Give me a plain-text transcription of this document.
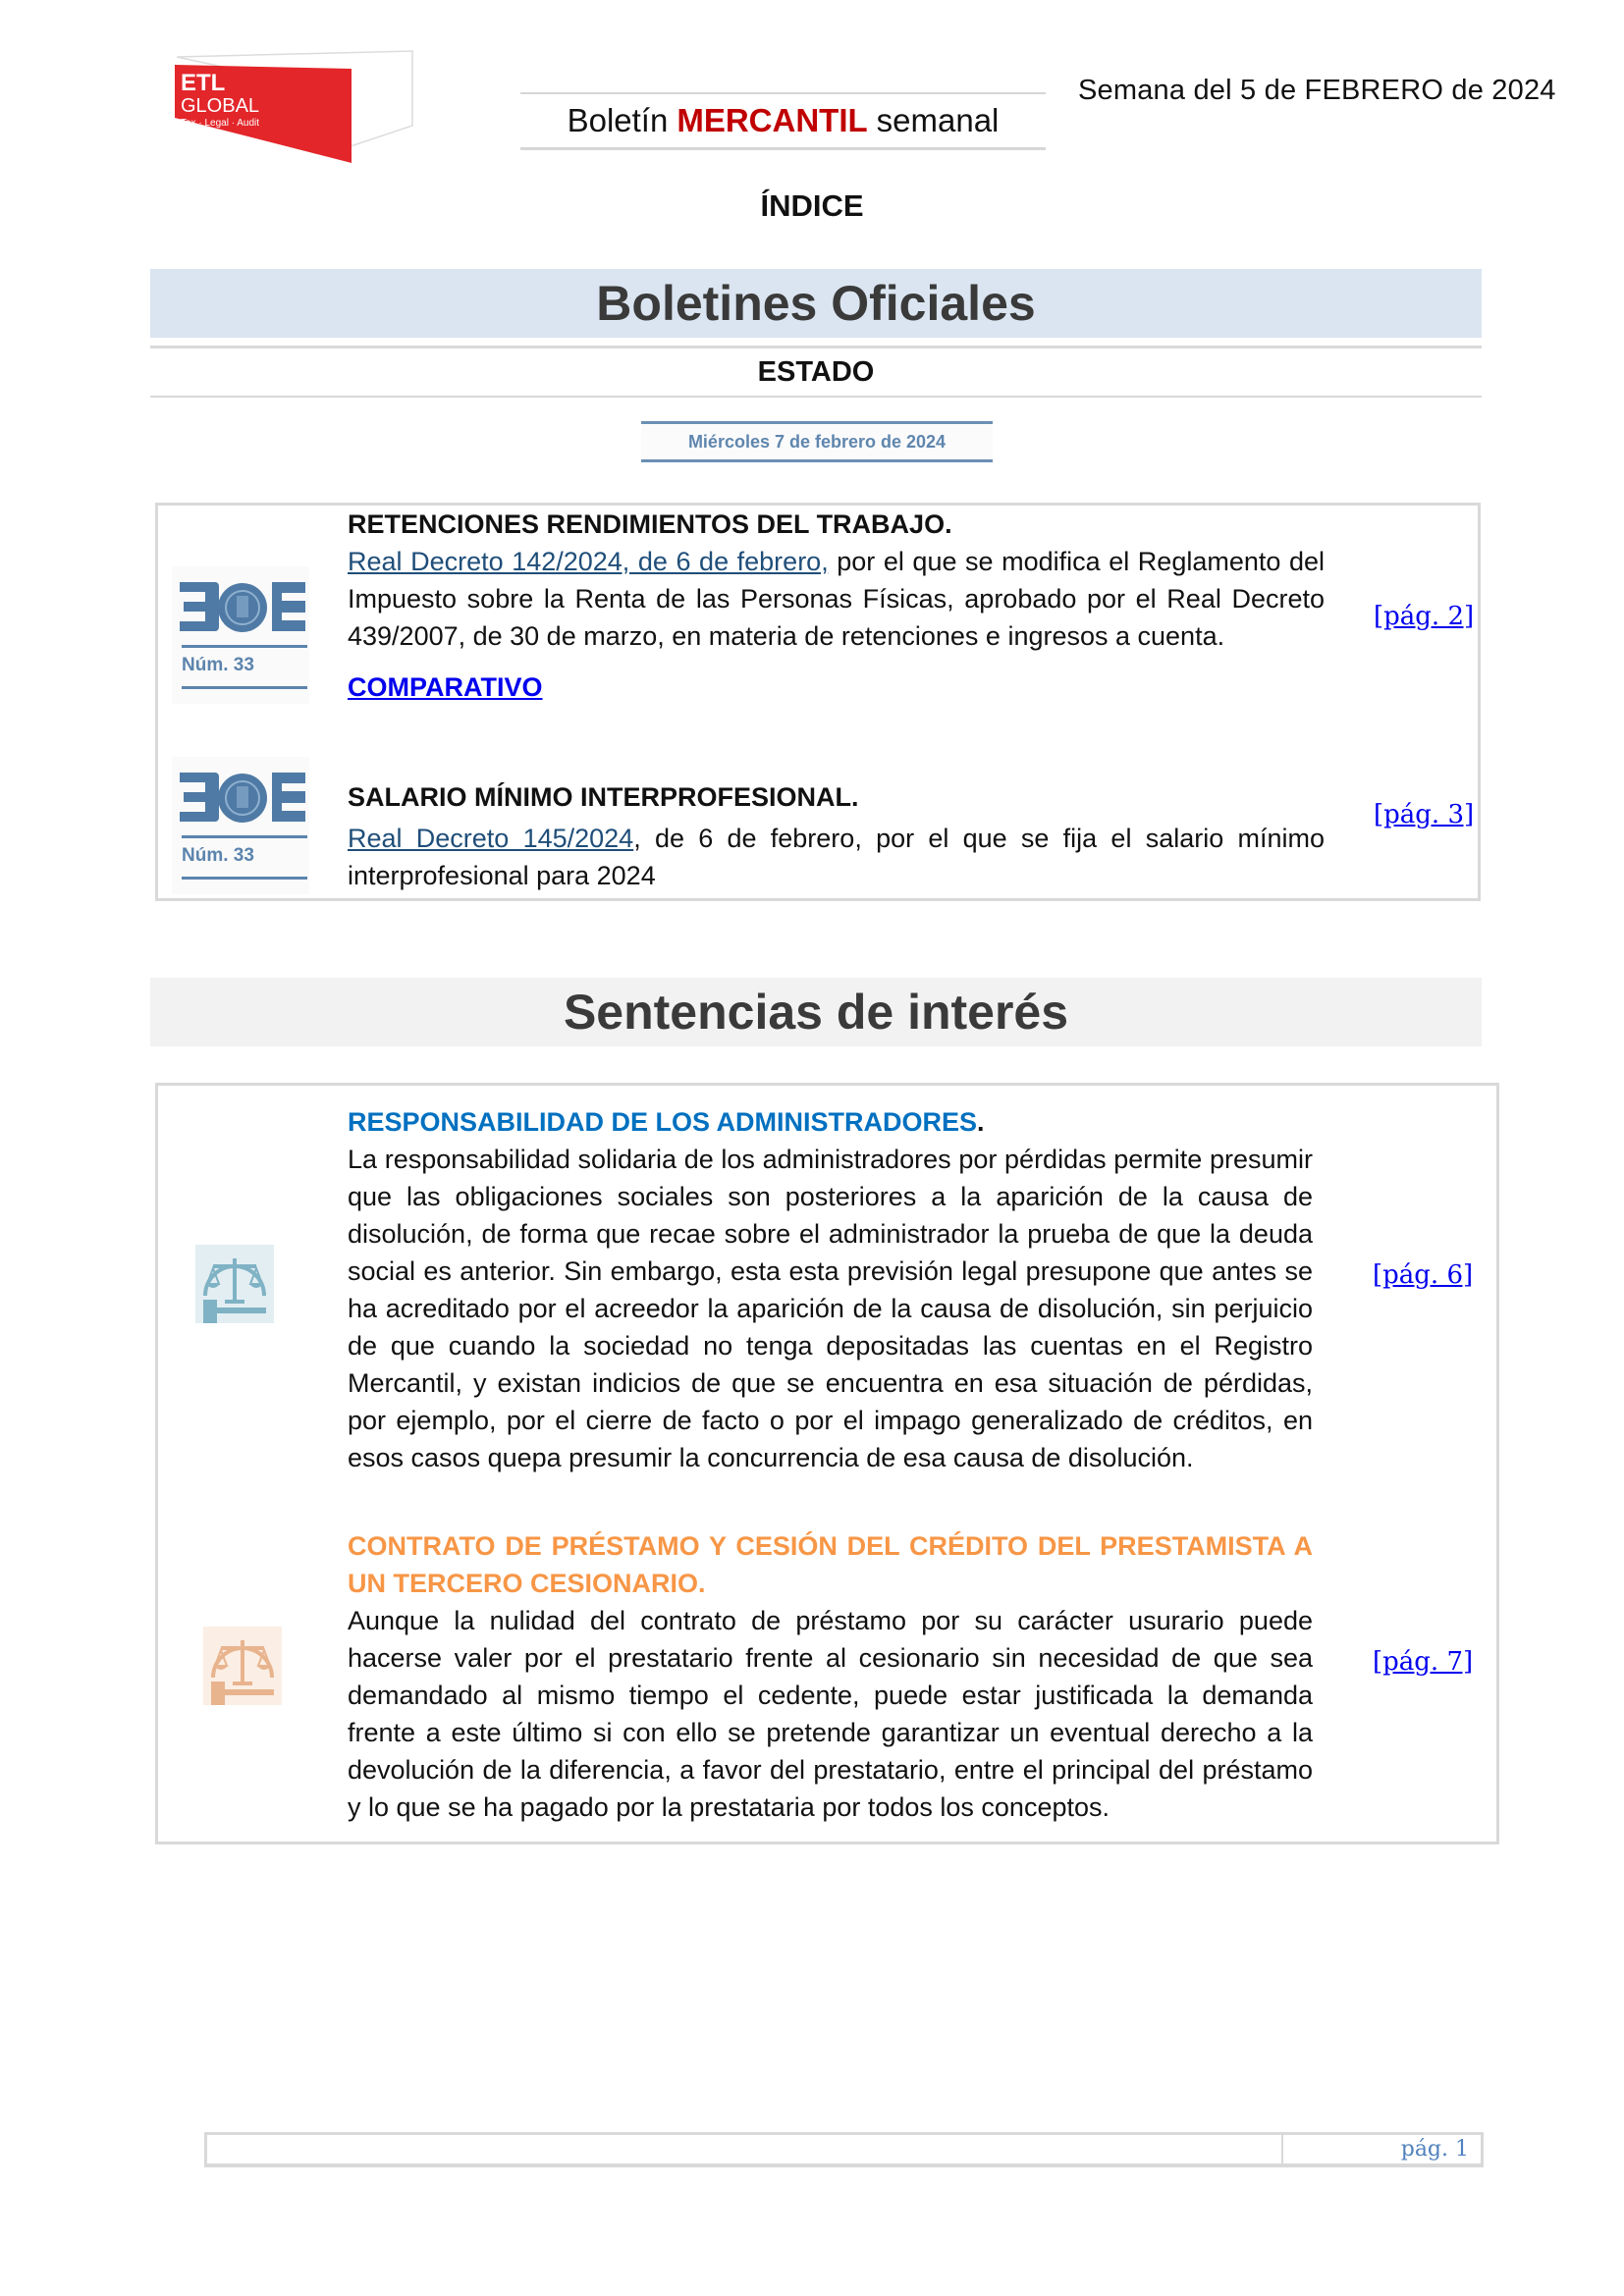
ETL
GLOBAL
Tax · Legal · Audit	Boletín MERCANTIL semanal
Semana del 5 de FEBRERO de 2024
ÍNDICE
Boletines Oficiales
ESTADO
Miércoles 7 de febrero de 2024
Núm. 33
RETENCIONES RENDIMIENTOS DEL TRABAJO.
Real Decreto 142/2024, de 6 de febrero, por el que se modifica el Reglamento del Impuesto sobre la Renta de las Personas Físicas, aprobado por el Real Decreto 439/2007, de 30 de marzo, en materia de retenciones e ingresos a cuenta.
COMPARATIVO
[pág. 2]
Núm. 33
SALARIO MÍNIMO INTERPROFESIONAL.
Real Decreto 145/2024, de 6 de febrero, por el que se fija el salario mínimo interprofesional para 2024
[pág. 3]
Sentencias de interés
RESPONSABILIDAD DE LOS ADMINISTRADORES.
La responsabilidad solidaria de los administradores por pérdidas permite presumir que las obligaciones sociales son posteriores a la aparición de la causa de disolución, de forma que recae sobre el administrador la prueba de que la deuda social es anterior. Sin embargo, esta esta previsión legal presupone que antes se ha acreditado por el acreedor la aparición de la causa de disolución, sin perjuicio de que cuando la sociedad no tenga depositadas las cuentas en el Registro Mercantil, y existan indicios de que se encuentra en esa situación de pérdidas, por ejemplo, por el cierre de facto o por el impago generalizado de créditos, en esos casos quepa presumir la concurrencia de esa causa de disolución.
[pág. 6]
CONTRATO DE PRÉSTAMO Y CESIÓN DEL CRÉDITO DEL PRESTAMISTA A UN TERCERO CESIONARIO.
Aunque la nulidad del contrato de préstamo por su carácter usurario puede hacerse valer por el prestatario frente al cesionario sin necesidad de que sea demandado al mismo tiempo el cedente, puede estar justificada la demanda frente a este último si con ello se pretende garantizar un eventual derecho a la devolución de la diferencia, a favor del prestatario, entre el principal del préstamo y lo que se ha pagado por la prestataria por todos los conceptos.
[pág. 7]
pág. 1
